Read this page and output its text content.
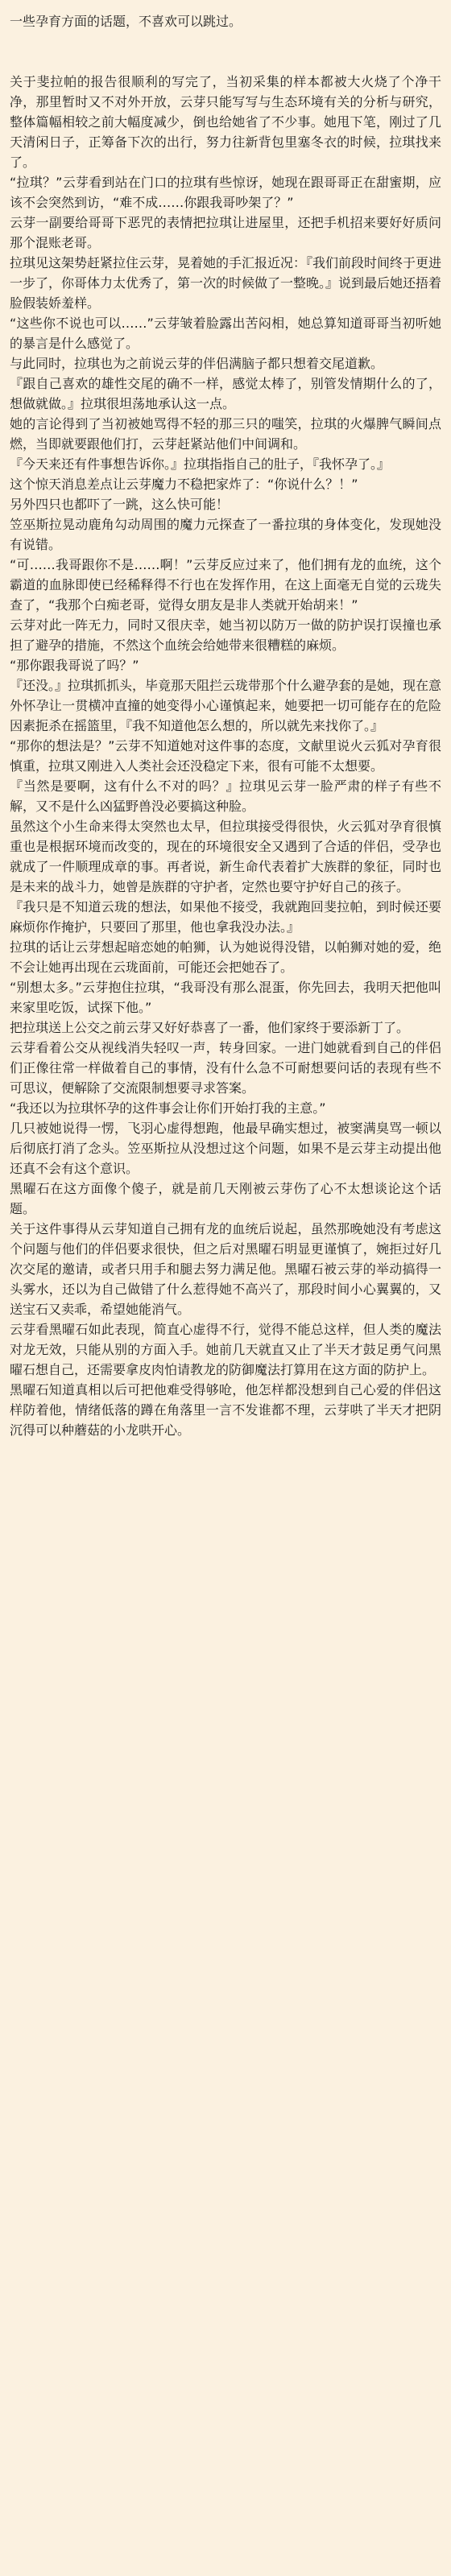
一些孕育方面的话题，不喜欢可以跳过。

关于斐拉帕的报告很顺利的写完了，当初采集的样本都被大火烧了个净干净，那里暂时又不对外开放，云芽只能写写与生态环境有关的分析与研究，整体篇幅相较之前大幅度减少，倒也给她省了不少事。她甩下笔，刚过了几天清闲日子，正筹备下次的出行，努力往新背包里塞冬衣的时候，拉琪找来了。

“拉琪？”云芽看到站在门口的拉琪有些惊讶，她现在跟哥哥正在甜蜜期，应该不会突然到访，“难不成……你跟我哥吵架了？”

云芽一副要给哥哥下恶咒的表情把拉琪让进屋里，还把手机招来要好好质问那个混账老哥。

拉琪见这架势赶紧拉住云芽，晃着她的手汇报近况：『我们前段时间终于更进一步了，你哥体力太优秀了，第一次的时候做了一整晚。』说到最后她还捂着脸假装娇羞样。

“这些你不说也可以……”云芽皱着脸露出苦闷相，她总算知道哥哥当初听她的暴言是什么感觉了。

与此同时，拉琪也为之前说云芽的伴侣满脑子都只想着交尾道歉。

『跟自己喜欢的雄性交尾的确不一样，感觉太棒了，别管发情期什么的了，想做就做。』拉琪很坦荡地承认这一点。

她的言论得到了当初被她骂得不轻的那三只的嗤笑，拉琪的火爆脾气瞬间点燃，当即就要跟他们打，云芽赶紧站他们中间调和。

『今天来还有件事想告诉你。』拉琪指指自己的肚子，『我怀孕了。』

这个惊天消息差点让云芽魔力不稳把家炸了：“你说什么？！”

另外四只也都吓了一跳，这么快可能！

笠巫斯拉晃动鹿角勾动周围的魔力元探查了一番拉琪的身体变化，发现她没有说错。

“可……我哥跟你不是……啊！”云芽反应过来了，他们拥有龙的血统，这个霸道的血脉即使已经稀释得不行也在发挥作用，在这上面毫无自觉的云珑失查了，“我那个白痴老哥，觉得女朋友是非人类就开始胡来！”

云芽对此一阵无力，同时又很庆幸，她当初以防万一做的防护误打误撞也承担了避孕的措施，不然这个血统会给她带来很糟糕的麻烦。

“那你跟我哥说了吗？”

『还没。』拉琪抓抓头，毕竟那天阻拦云珑带那个什么避孕套的是她，现在意外怀孕让一贯横冲直撞的她变得小心谨慎起来，她要把一切可能存在的危险因素扼杀在摇篮里，『我不知道他怎么想的，所以就先来找你了。』

“那你的想法是？”云芽不知道她对这件事的态度，文献里说火云狐对孕育很慎重，拉琪又刚进入人类社会还没稳定下来，很有可能不太想要。

『当然是要啊，这有什么不对的吗？』拉琪见云芽一脸严肃的样子有些不解，又不是什么凶猛野兽没必要搞这种脸。

虽然这个小生命来得太突然也太早，但拉琪接受得很快，火云狐对孕育很慎重也是根据环境而改变的，现在的环境很安全又遇到了合适的伴侣，受孕也就成了一件顺理成章的事。再者说，新生命代表着扩大族群的象征，同时也是未来的战斗力，她曾是族群的守护者，定然也要守护好自己的孩子。

『我只是不知道云珑的想法，如果他不接受，我就跑回斐拉帕，到时候还要麻烦你作掩护，只要回了那里，他也拿我没办法。』

拉琪的话让云芽想起暗恋她的帕狮，认为她说得没错，以帕狮对她的爱，绝不会让她再出现在云珑面前，可能还会把她吞了。

“别想太多。”云芽抱住拉琪，“我哥没有那么混蛋，你先回去，我明天把他叫来家里吃饭，试探下他。”

把拉琪送上公交之前云芽又好好恭喜了一番，他们家终于要添新丁了。

云芽看着公交从视线消失轻叹一声，转身回家。一进门她就看到自己的伴侣们正像往常一样做着自己的事情，没有什么急不可耐想要问话的表现有些不可思议，便解除了交流限制想要寻求答案。

“我还以为拉琪怀孕的这件事会让你们开始打我的主意。”

几只被她说得一愣，飞羽心虚得想跑，他最早确实想过，被窦满臭骂一顿以后彻底打消了念头。笠巫斯拉从没想过这个问题，如果不是云芽主动提出他还真不会有这个意识。

黑曜石在这方面像个傻子，就是前几天刚被云芽伤了心不太想谈论这个话题。

关于这件事得从云芽知道自己拥有龙的血统后说起，虽然那晚她没有考虑这个问题与他们的伴侣要求很快，但之后对黑曜石明显更谨慎了，婉拒过好几次交尾的邀请，或者只用手和腿去努力满足他。黑曜石被云芽的举动搞得一头雾水，还以为自己做错了什么惹得她不高兴了，那段时间小心翼翼的，又送宝石又卖乖，希望她能消气。

云芽看黑曜石如此表现，简直心虚得不行，觉得不能总这样，但人类的魔法对龙无效，只能从别的方面入手。她前几天就直又止了半天才鼓足勇气问黑曜石想自己，还需要拿皮肉怕请教龙的防御魔法打算用在这方面的防护上。

黑曜石知道真相以后可把他难受得够呛，他怎样都没想到自己心爱的伴侣这样防着他，情绪低落的蹲在角落里一言不发谁都不理，云芽哄了半天才把阴沉得可以种蘑菇的小龙哄开心。
